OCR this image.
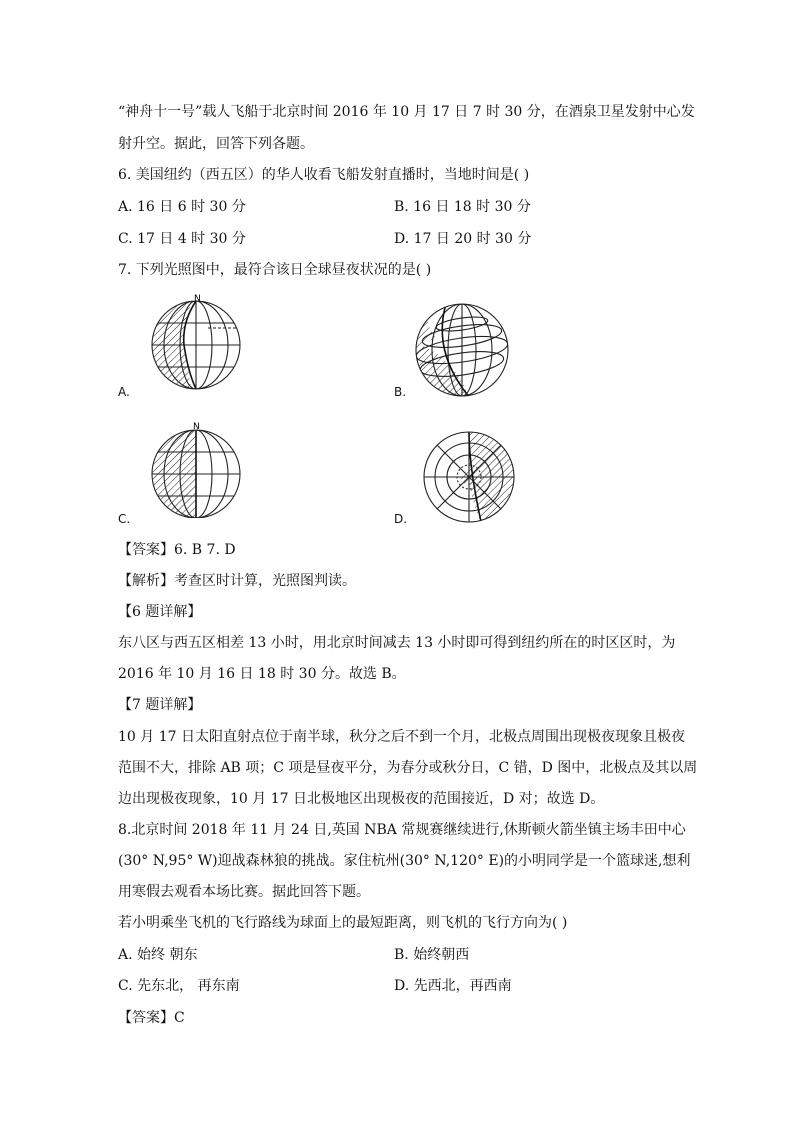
“神舟十一号”载人飞船于北京时间 2016 年 10 月 17 日 7 时 30 分，在酒泉卫星发射中心发
射升空。据此，回答下列各题。
6. 美国纽约（西五区）的华人收看飞船发射直播时，当地时间是( )
A. 16 日 6 时 30 分	B. 16 日 18 时 30 分
C. 17 日 4 时 30 分	D. 17 日 20 时 30 分
7. 下列光照图中，最符合该日全球昼夜状况的是( )
N
A.	B.
N
C.	D.
【答案】6. B 7. D
【解析】考查区时计算，光照图判读。
【6 题详解】
东八区与西五区相差 13 小时，用北京时间减去 13 小时即可得到纽约所在的时区区时，为
2016 年 10 月 16 日 18 时 30 分。故选 B。
【7 题详解】
10 月 17 日太阳直射点位于南半球，秋分之后不到一个月，北极点周围出现极夜现象且极夜
范围不大，排除 AB 项；C 项是昼夜平分，为春分或秋分日，C 错，D 图中，北极点及其以周
边出现极夜现象，10 月 17 日北极地区出现极夜的范围接近，D 对；故选 D。
8.北京时间 2018 年 11 月 24 日,英国 NBA 常规赛继续进行,休斯顿火箭坐镇主场丰田中心
(30° N,95° W)迎战森林狼的挑战。家住杭州(30° N,120° E)的小明同学是一个篮球迷,想利
用寒假去观看本场比赛。据此回答下题。
若小明乘坐飞机的飞行路线为球面上的最短距离，则飞机的飞行方向为( )
A. 始终 朝东	B. 始终朝西
C. 先东北， 再东南	D. 先西北，再西南
【答案】C
